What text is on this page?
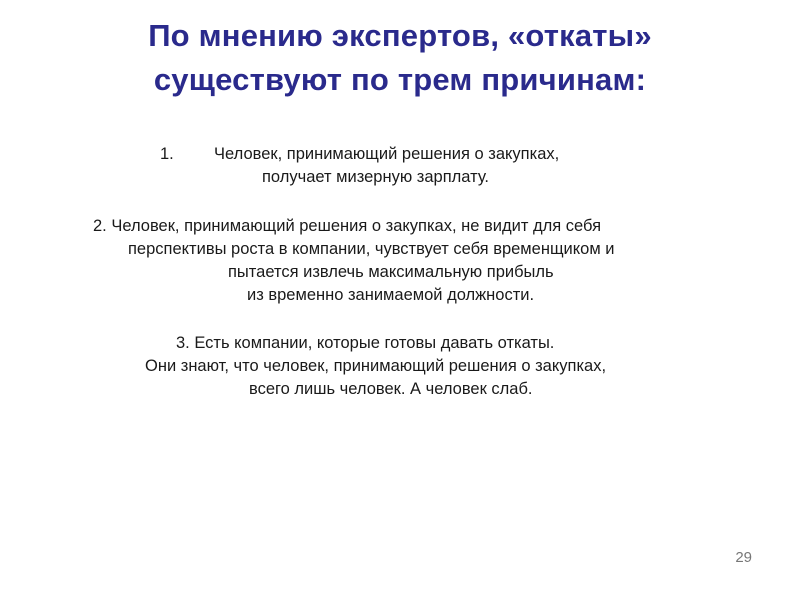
По мнению экспертов, «откаты»
существуют по трем причинам:
1. Человек, принимающий решения о закупках,
получает мизерную зарплату.
2. Человек, принимающий решения о закупках, не видит для себя
перспективы роста в компании, чувствует себя временщиком и
пытается извлечь максимальную прибыль
из временно занимаемой должности.
3. Есть компании, которые готовы давать откаты.
Они знают, что человек, принимающий решения о закупках,
всего лишь человек. А человек слаб.
29
